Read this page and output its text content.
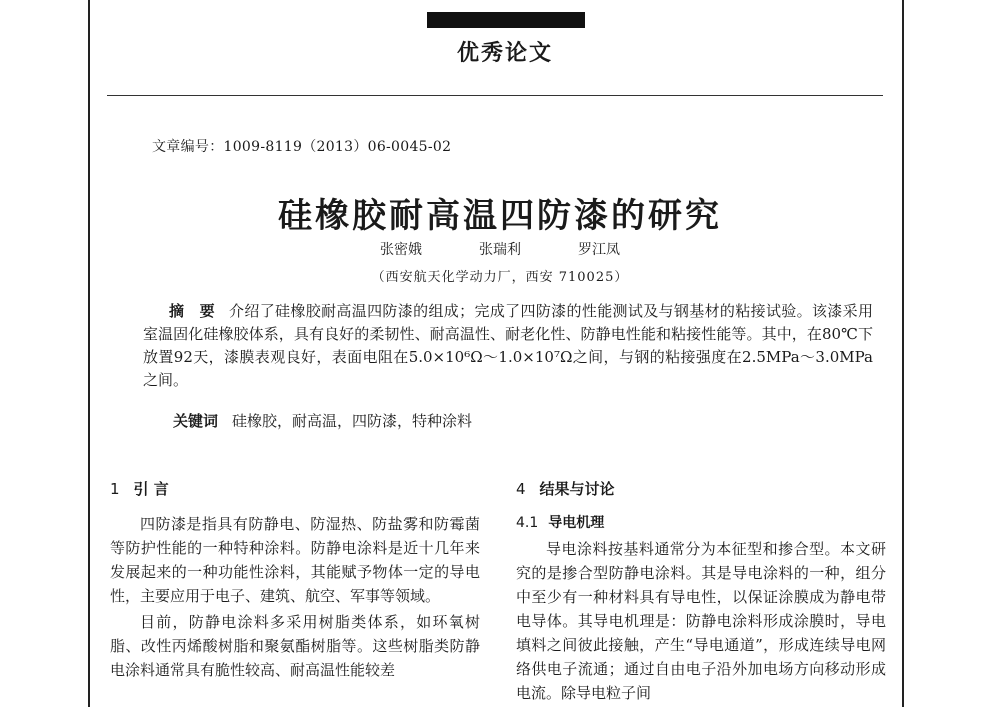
优秀论文
文章编号：1009-8119（2013）06-0045-02
硅橡胶耐高温四防漆的研究
张密娥	张瑞利	罗江凤
（西安航天化学动力厂，西安 710025）

摘　要 介绍了硅橡胶耐高温四防漆的组成；完成了四防漆的性能测试及与钢基材的粘接试验。该漆采用室温固化硅橡胶体系，具有良好的柔韧性、耐高温性、耐老化性、防静电性能和粘接性能等。其中，在80℃下放置92天，漆膜表观良好，表面电阻在5.0×10⁶Ω～1.0×10⁷Ω之间，与钢的粘接强度在2.5MPa～3.0MPa之间。

关键词 硅橡胶，耐高温，四防漆，特种涂料
1 引 言

四防漆是指具有防静电、防湿热、防盐雾和防霉菌等防护性能的一种特种涂料。防静电涂料是近十几年来发展起来的一种功能性涂料，其能赋予物体一定的导电性，主要应用于电子、建筑、航空、军事等领域。

目前，防静电涂料多采用树脂类体系，如环氧树脂、改性丙烯酸树脂和聚氨酯树脂等。这些树脂类防静电涂料通常具有脆性较高、耐高温性能较差

4 结果与讨论
4.1 导电机理

导电涂料按基料通常分为本征型和掺合型。本文研究的是掺合型防静电涂料。其是导电涂料的一种，组分中至少有一种材料具有导电性，以保证涂膜成为静电带电导体。其导电机理是：防静电涂料形成涂膜时，导电填料之间彼此接触，产生“导电通道”，形成连续导电网络供电子流通；通过自由电子沿外加电场方向移动形成电流。除导电粒子间
